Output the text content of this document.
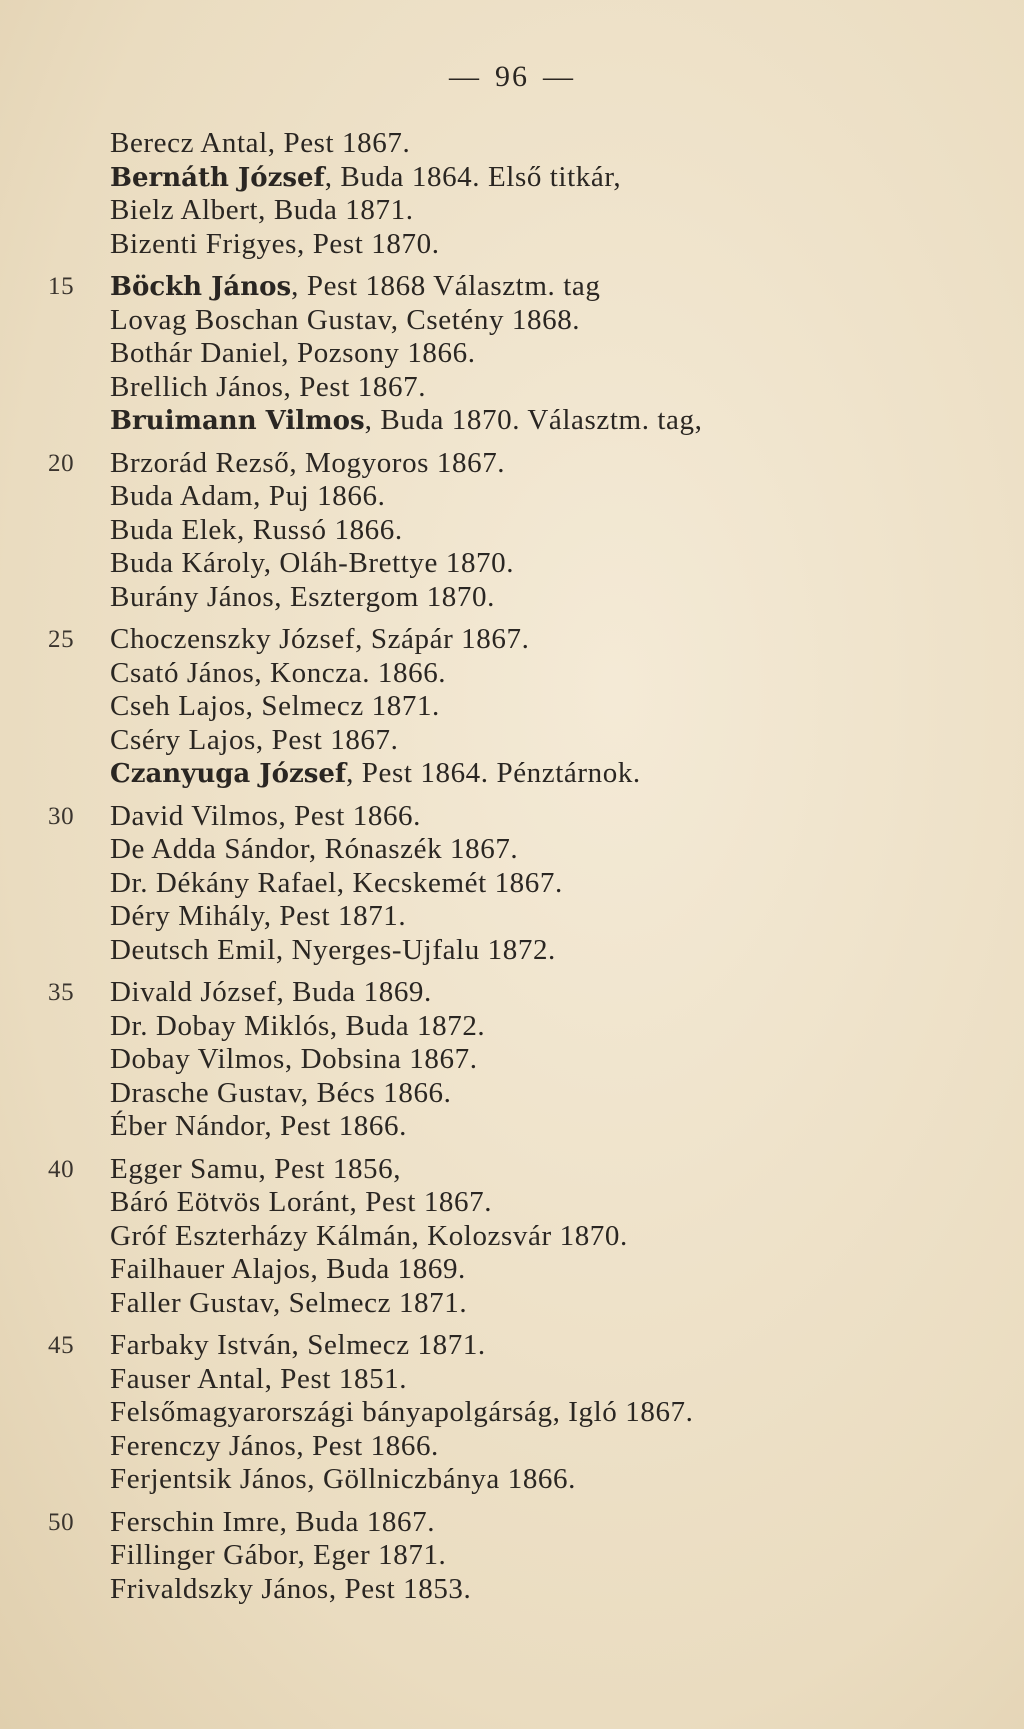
— 96 —
Berecz Antal, Pest 1867.
Bernáth József, Buda 1864. Első titkár,
Bielz Albert, Buda 1871.
Bizenti Frigyes, Pest 1870.
15	Böckh János, Pest 1868 Választm. tag
Lovag Boschan Gustav, Csetény 1868.
Bothár Daniel, Pozsony 1866.
Brellich János, Pest 1867.
Bruimann Vilmos, Buda 1870. Választm. tag,
20	Brzorád Rezső, Mogyoros 1867.
Buda Adam, Puj 1866.
Buda Elek, Russó 1866.
Buda Károly, Oláh-Brettye 1870.
Burány János, Esztergom 1870.
25	Choczenszky József, Szápár 1867.
Csató János, Koncza. 1866.
Cseh Lajos, Selmecz 1871.
Cséry Lajos, Pest 1867.
Czanyuga József, Pest 1864. Pénztárnok.
30	David Vilmos, Pest 1866.
De Adda Sándor, Rónaszék 1867.
Dr. Dékány Rafael, Kecskemét 1867.
Déry Mihály, Pest 1871.
Deutsch Emil, Nyerges-Ujfalu 1872.
35	Divald József, Buda 1869.
Dr. Dobay Miklós, Buda 1872.
Dobay Vilmos, Dobsina 1867.
Drasche Gustav, Bécs 1866.
Éber Nándor, Pest 1866.
40	Egger Samu, Pest 1856,
Báró Eötvös Loránt, Pest 1867.
Gróf Eszterházy Kálmán, Kolozsvár 1870.
Failhauer Alajos, Buda 1869.
Faller Gustav, Selmecz 1871.
45	Farbaky István, Selmecz 1871.
Fauser Antal, Pest 1851.
Felsőmagyarországi bányapolgárság, Igló 1867.
Ferenczy János, Pest 1866.
Ferjentsik János, Göllniczbánya 1866.
50	Ferschin Imre, Buda 1867.
Fillinger Gábor, Eger 1871.
Frivaldszky János, Pest 1853.
